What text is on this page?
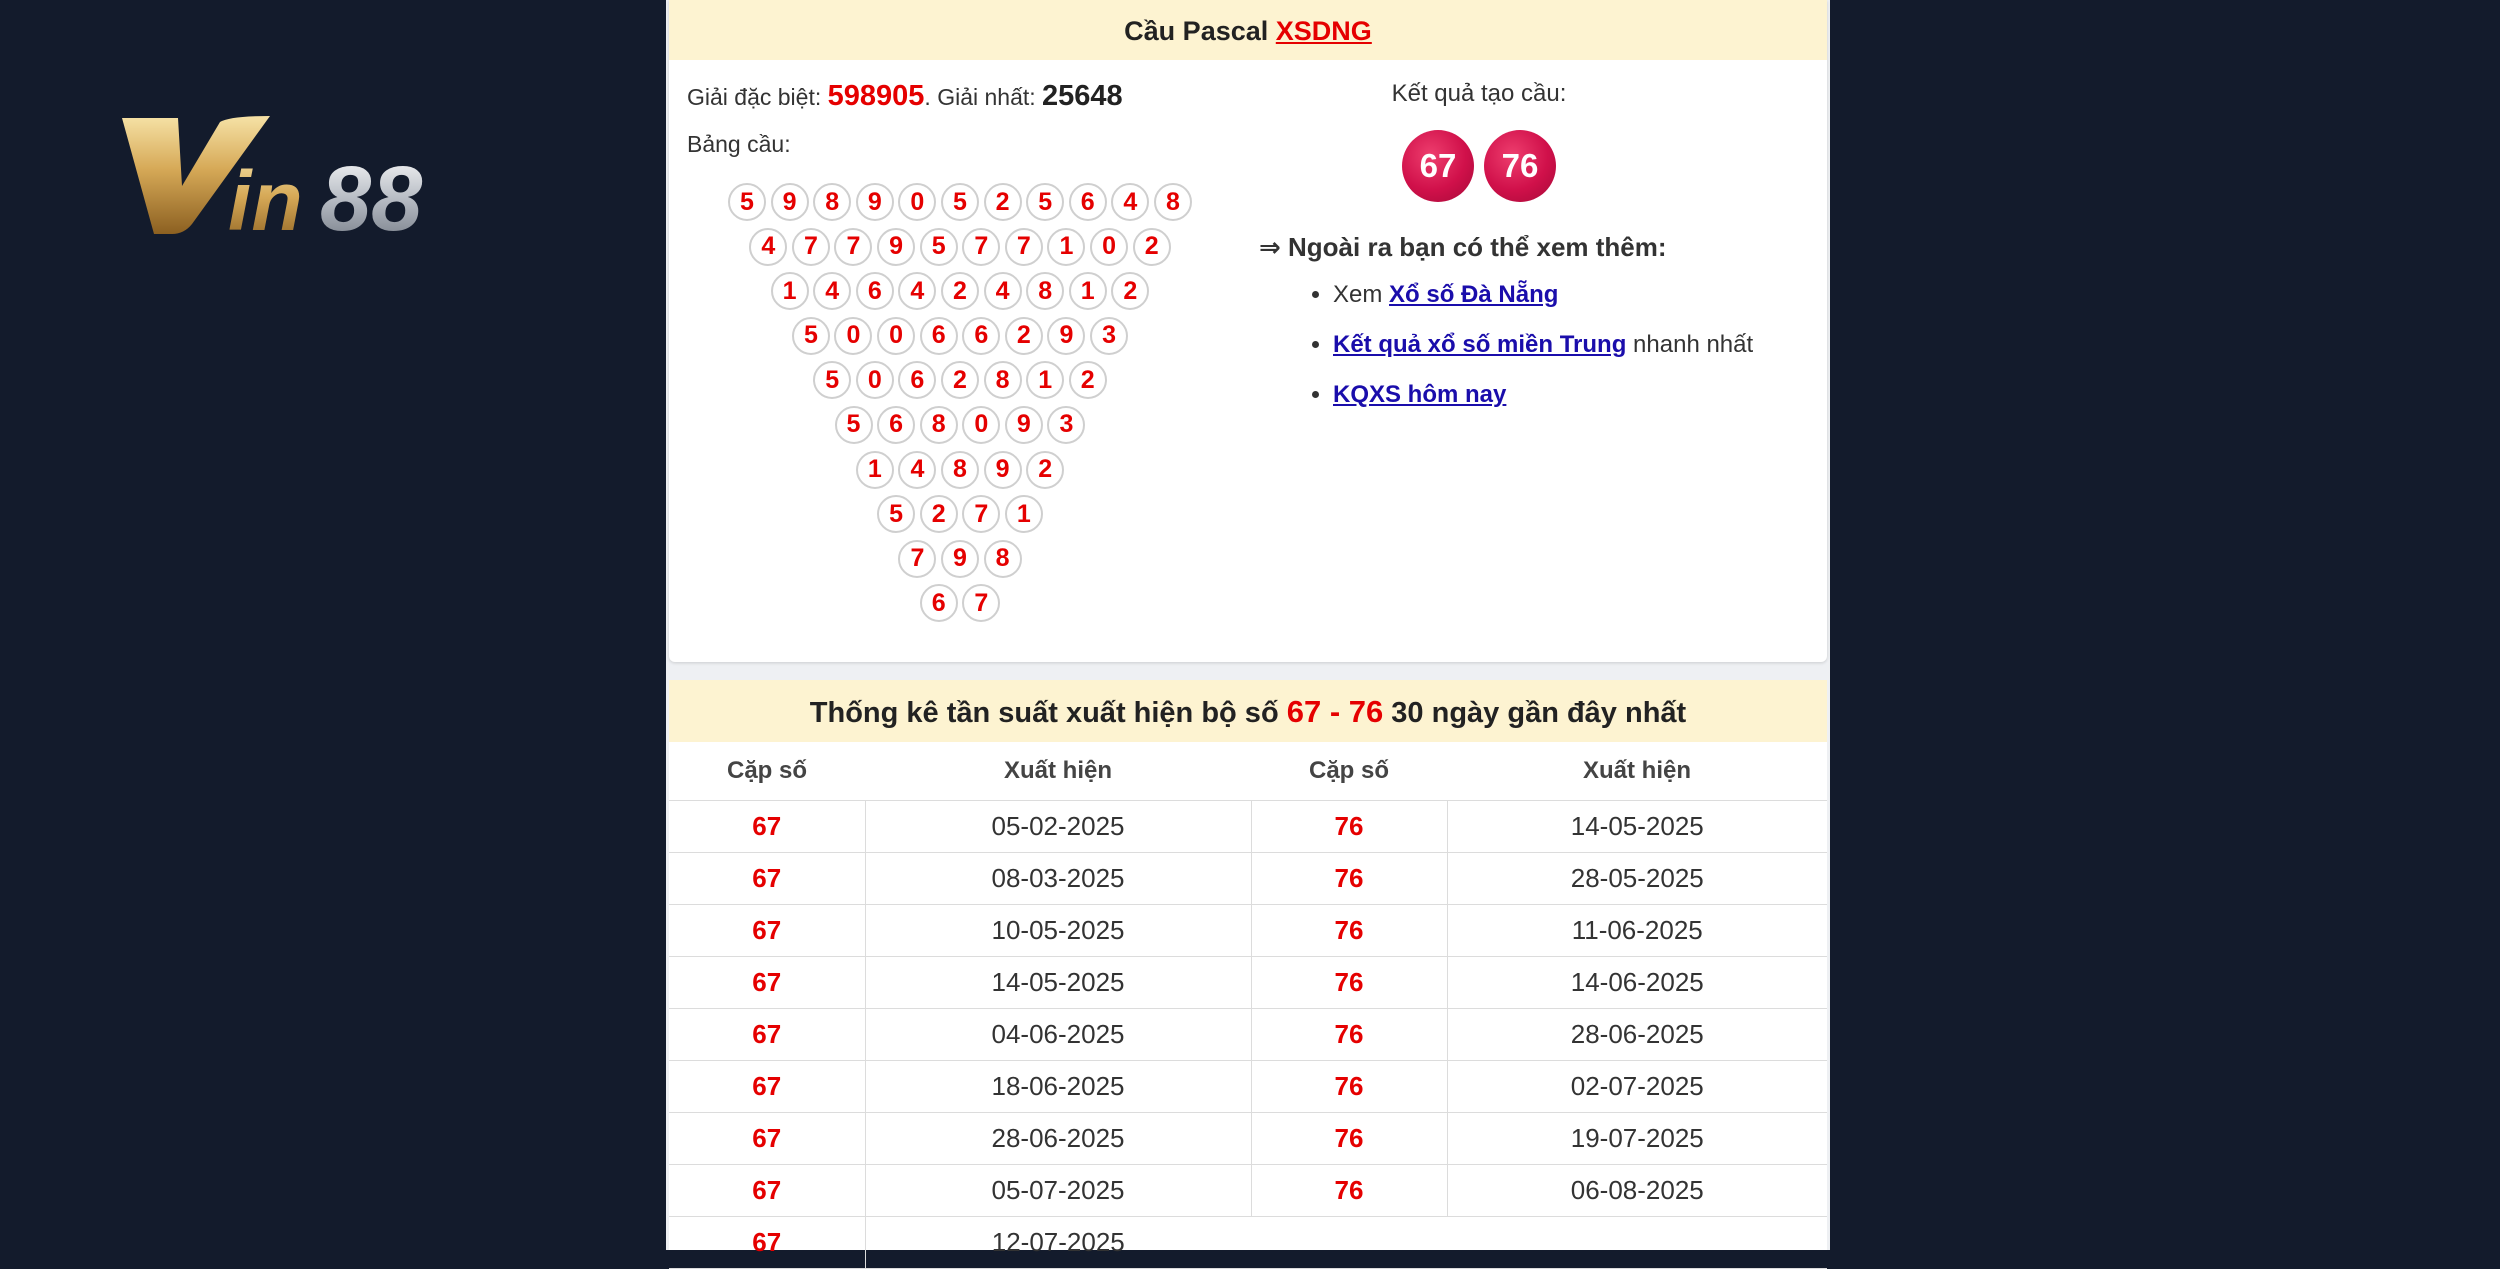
in 88
Cầu Pascal XSDNG
Giải đặc biệt: 598905. Giải nhất: 25648
Bảng cầu:
5	9	8	9	0	5	2	5	6	4	8
4	7	7	9	5	7	7	1	0	2
1	4	6	4	2	4	8	1	2
5	0	0	6	6	2	9	3
5	0	6	2	8	1	2
5	6	8	0	9	3
1	4	8	9	2
5	2	7	1
7	9	8
6	7
Kết quả tạo cầu:
67	76
⇒ Ngoài ra bạn có thể xem thêm:
• Xem Xổ số Đà Nẵng
• Kết quả xổ số miền Trung nhanh nhất
• KQXS hôm nay
Thống kê tần suất xuất hiện bộ số 67 - 76 30 ngày gần đây nhất
Cặp số	Xuất hiện	Cặp số	Xuất hiện
67	05-02-2025	76	14-05-2025
67	08-03-2025	76	28-05-2025
67	10-05-2025	76	11-06-2025
67	14-05-2025	76	14-06-2025
67	04-06-2025	76	28-06-2025
67	18-06-2025	76	02-07-2025
67	28-06-2025	76	19-07-2025
67	05-07-2025	76	06-08-2025
67	12-07-2025		
